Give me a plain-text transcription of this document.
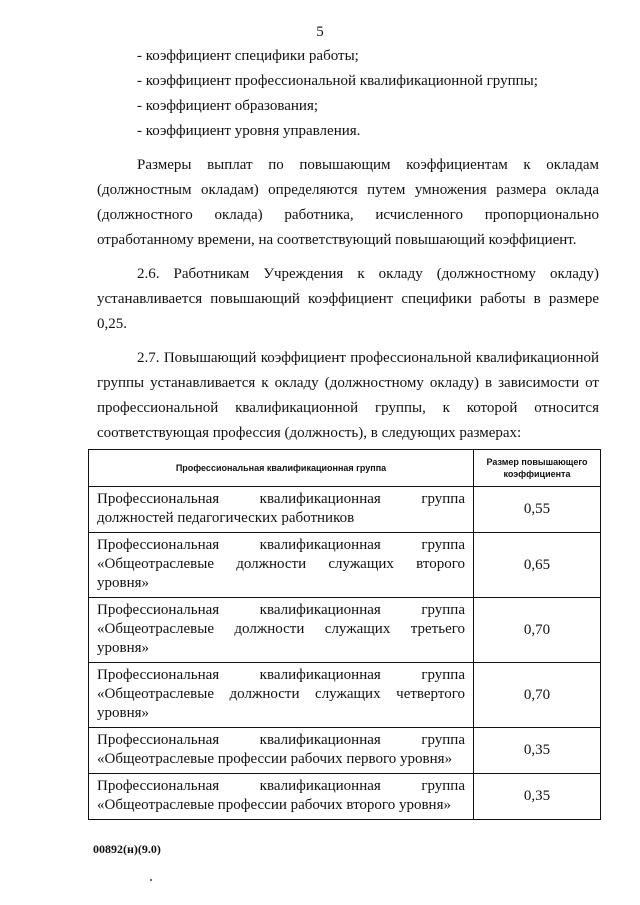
5
- коэффициент специфики работы;
- коэффициент профессиональной квалификационной группы;
- коэффициент образования;
- коэффициент уровня управления.

Размеры выплат по повышающим коэффициентам к окладам (должностным окладам) определяются путем умножения размера оклада (должностного оклада) работника, исчисленного пропорционально отработанному времени, на соответствующий повышающий коэффициент.

2.6. Работникам Учреждения к окладу (должностному окладу) устанавливается повышающий коэффициент специфики работы в размере 0,25.

2.7. Повышающий коэффициент профессиональной квалификационной группы устанавливается к окладу (должностному окладу) в зависимости от профессиональной квалификационной группы, к которой относится соответствующая профессия (должность), в следующих размерах:

Профессиональная квалификационная группа	Размер повышающего коэффициента
Профессиональная квалификационная группа должностей педагогических работников	0,55
Профессиональная квалификационная группа «Общеотраслевые должности служащих второго уровня»	0,65
Профессиональная квалификационная группа «Общеотраслевые должности служащих третьего уровня»	0,70
Профессиональная квалификационная группа «Общеотраслевые должности служащих четвертого уровня»	0,70
Профессиональная квалификационная группа «Общеотраслевые профессии рабочих первого уровня»	0,35
Профессиональная квалификационная группа «Общеотраслевые профессии рабочих второго уровня»	0,35
00892(н)(9.0)
